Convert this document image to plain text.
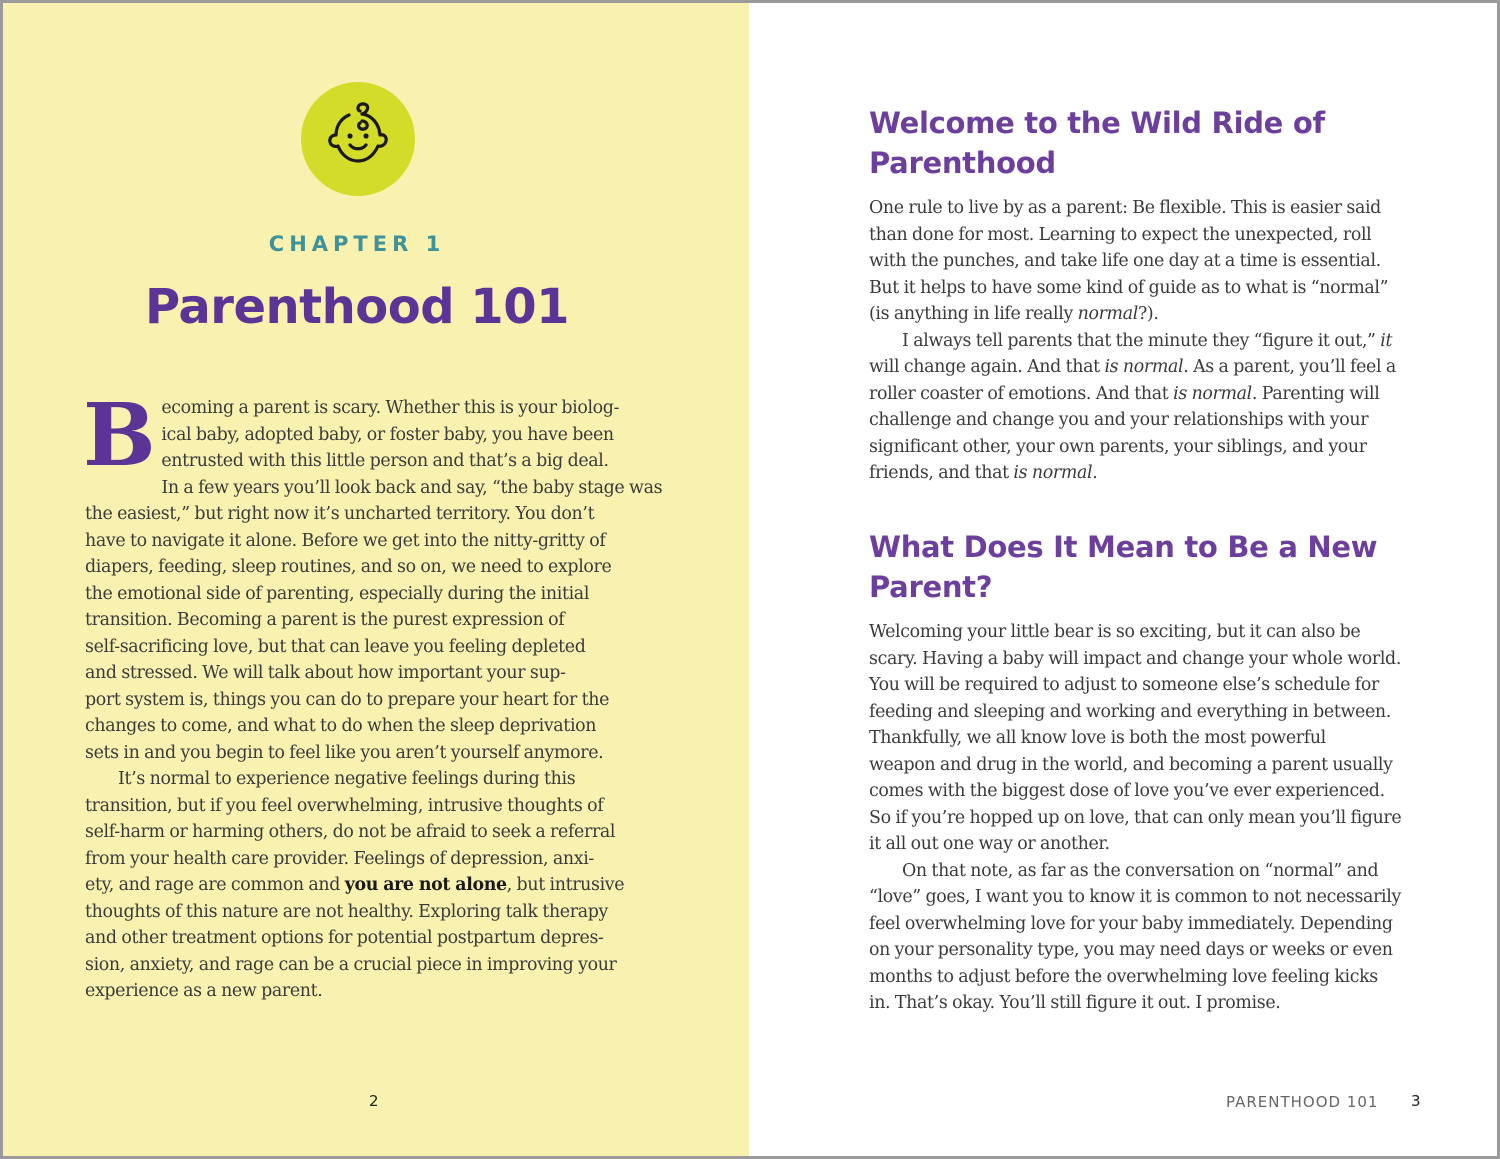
CHAPTER 1
Parenthood 101
B ecoming a parent is scary. Whether this is your biolog-
ical baby, adopted baby, or foster baby, you have been
entrusted with this little person and that’s a big deal.
In a few years you’ll look back and say, “the baby stage was
the easiest,” but right now it’s uncharted territory. You don’t
have to navigate it alone. Before we get into the nitty-gritty of
diapers, feeding, sleep routines, and so on, we need to explore
the emotional side of parenting, especially during the initial
transition. Becoming a parent is the purest expression of
self-sacrificing love, but that can leave you feeling depleted
and stressed. We will talk about how important your sup-
port system is, things you can do to prepare your heart for the
changes to come, and what to do when the sleep deprivation
sets in and you begin to feel like you aren’t yourself anymore.
It’s normal to experience negative feelings during this
transition, but if you feel overwhelming, intrusive thoughts of
self-harm or harming others, do not be afraid to seek a referral
from your health care provider. Feelings of depression, anxi-
ety, and rage are common and you are not alone, but intrusive
thoughts of this nature are not healthy. Exploring talk therapy
and other treatment options for potential postpartum depres-
sion, anxiety, and rage can be a crucial piece in improving your
experience as a new parent.
2
Welcome to the Wild Ride of Parenthood
One rule to live by as a parent: Be flexible. This is easier said
than done for most. Learning to expect the unexpected, roll
with the punches, and take life one day at a time is essential.
But it helps to have some kind of guide as to what is “normal”
(is anything in life really normal?).
I always tell parents that the minute they “figure it out,” it
will change again. And that is normal. As a parent, you’ll feel a
roller coaster of emotions. And that is normal. Parenting will
challenge and change you and your relationships with your
significant other, your own parents, your siblings, and your
friends, and that is normal.
What Does It Mean to Be a New Parent?
Welcoming your little bear is so exciting, but it can also be
scary. Having a baby will impact and change your whole world.
You will be required to adjust to someone else’s schedule for
feeding and sleeping and working and everything in between.
Thankfully, we all know love is both the most powerful
weapon and drug in the world, and becoming a parent usually
comes with the biggest dose of love you’ve ever experienced.
So if you’re hopped up on love, that can only mean you’ll figure
it all out one way or another.
On that note, as far as the conversation on “normal” and
“love” goes, I want you to know it is common to not necessarily
feel overwhelming love for your baby immediately. Depending
on your personality type, you may need days or weeks or even
months to adjust before the overwhelming love feeling kicks
in. That’s okay. You’ll still figure it out. I promise.
PARENTHOOD 101 3
